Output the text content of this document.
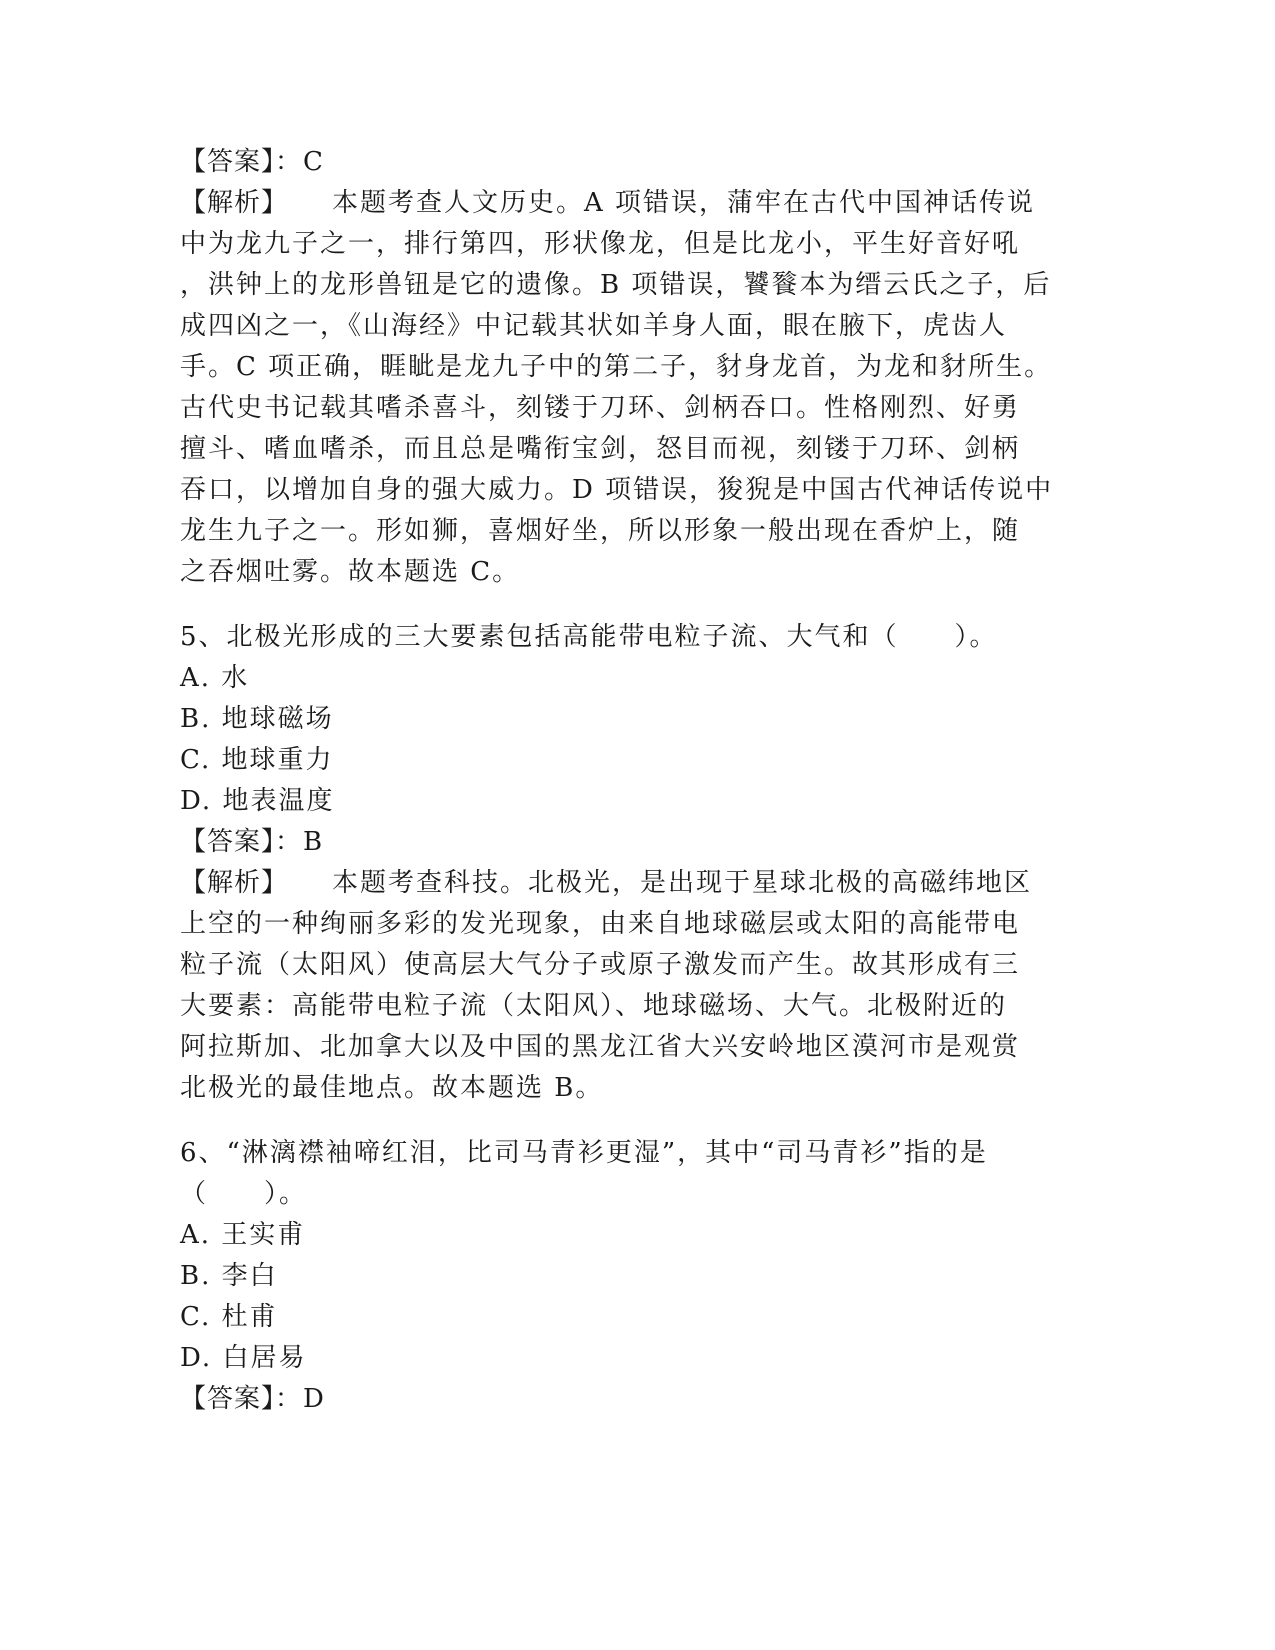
【答案】：C
【解析】 本题考查人文历史。A 项错误，蒲牢在古代中国神话传说
中为龙九子之一，排行第四，形状像龙，但是比龙小，平生好音好吼
，洪钟上的龙形兽钮是它的遗像。B 项错误，饕餮本为缙云氏之子，后
成四凶之一，《山海经》中记载其状如羊身人面，眼在腋下，虎齿人
手。C 项正确，睚眦是龙九子中的第二子，豺身龙首，为龙和豺所生。
古代史书记载其嗜杀喜斗，刻镂于刀环、剑柄吞口。性格刚烈、好勇
擅斗、嗜血嗜杀，而且总是嘴衔宝剑，怒目而视，刻镂于刀环、剑柄
吞口，以增加自身的强大威力。D 项错误，狻猊是中国古代神话传说中
龙生九子之一。形如狮，喜烟好坐，所以形象一般出现在香炉上，随
之吞烟吐雾。故本题选 C。
5、北极光形成的三大要素包括高能带电粒子流、大气和（　　）。
A. 水
B. 地球磁场
C. 地球重力
D. 地表温度
【答案】：B
【解析】 本题考查科技。北极光，是出现于星球北极的高磁纬地区
上空的一种绚丽多彩的发光现象，由来自地球磁层或太阳的高能带电
粒子流（太阳风）使高层大气分子或原子激发而产生。故其形成有三
大要素：高能带电粒子流（太阳风）、地球磁场、大气。北极附近的
阿拉斯加、北加拿大以及中国的黑龙江省大兴安岭地区漠河市是观赏
北极光的最佳地点。故本题选 B。
6、“淋漓襟袖啼红泪，比司马青衫更湿”，其中“司马青衫”指的是
（　　）。
A. 王实甫
B. 李白
C. 杜甫
D. 白居易
【答案】：D
